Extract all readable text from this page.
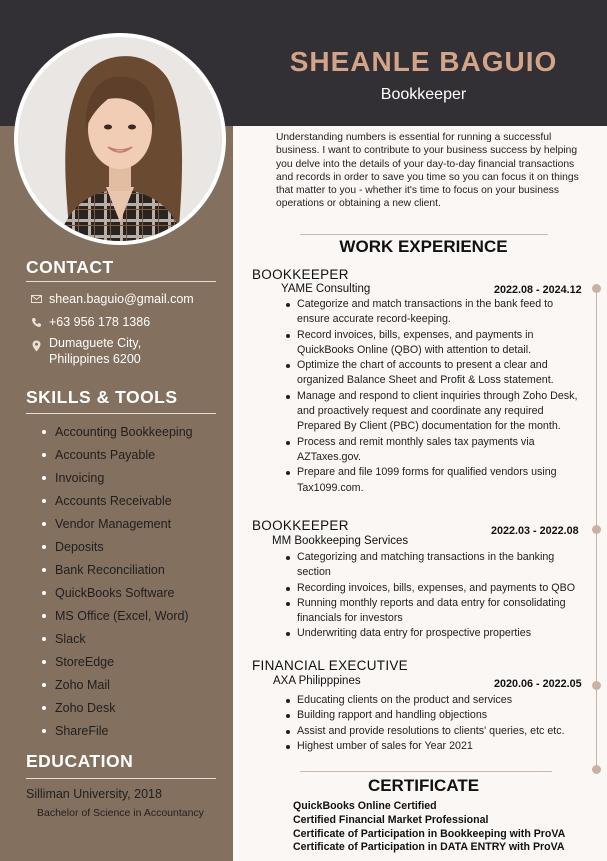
SHEANLE BAGUIO
Bookkeeper
CONTACT
shean.baguio@gmail.com
+63 956 178 1386
Dumaguete City,
Philippines 6200
SKILLS & TOOLS
Accounting Bookkeeping
Accounts Payable
Invoicing
Accounts Receivable
Vendor Management
Deposits
Bank Reconciliation
QuickBooks Software
MS Office (Excel, Word)
Slack
StoreEdge
Zoho Mail
Zoho Desk
ShareFile
EDUCATION
Silliman University, 2018
Bachelor of Science in Accountancy
Understanding numbers is essential for running a successful business. I want to contribute to your business success by helping you delve into the details of your day-to-day financial transactions and records in order to save you time so you can focus it on things that matter to you - whether it's time to focus on your business operations or obtaining a new client.
WORK EXPERIENCE
BOOKKEEPER
YAME Consulting	2022.08 - 2024.12
Categorize and match transactions in the bank feed to ensure accurate record-keeping.
Record invoices, bills, expenses, and payments in QuickBooks Online (QBO) with attention to detail.
Optimize the chart of accounts to present a clear and organized Balance Sheet and Profit & Loss statement.
Manage and respond to client inquiries through Zoho Desk, and proactively request and coordinate any required Prepared By Client (PBC) documentation for the month.
Process and remit monthly sales tax payments via AZTaxes.gov.
Prepare and file 1099 forms for qualified vendors using Tax1099.com.
BOOKKEEPER
MM Bookkeeping Services
2022.03 - 2022.08
Categorizing and matching transactions in the banking section
Recording invoices, bills, expenses, and payments to QBO
Running monthly reports and data entry for consolidating financials for investors
Underwriting data entry for prospective properties
FINANCIAL EXECUTIVE
AXA Philipppines	2020.06 - 2022.05
Educating clients on the product and services
Building rapport and handling objections
Assist and provide resolutions to clients' queries, etc etc.
Highest umber of sales for Year 2021
CERTIFICATE
QuickBooks Online Certified
Certified Financial Market Professional
Certificate of Participation in Bookkeeping with ProVA
Certificate of Participation in DATA ENTRY with ProVA
